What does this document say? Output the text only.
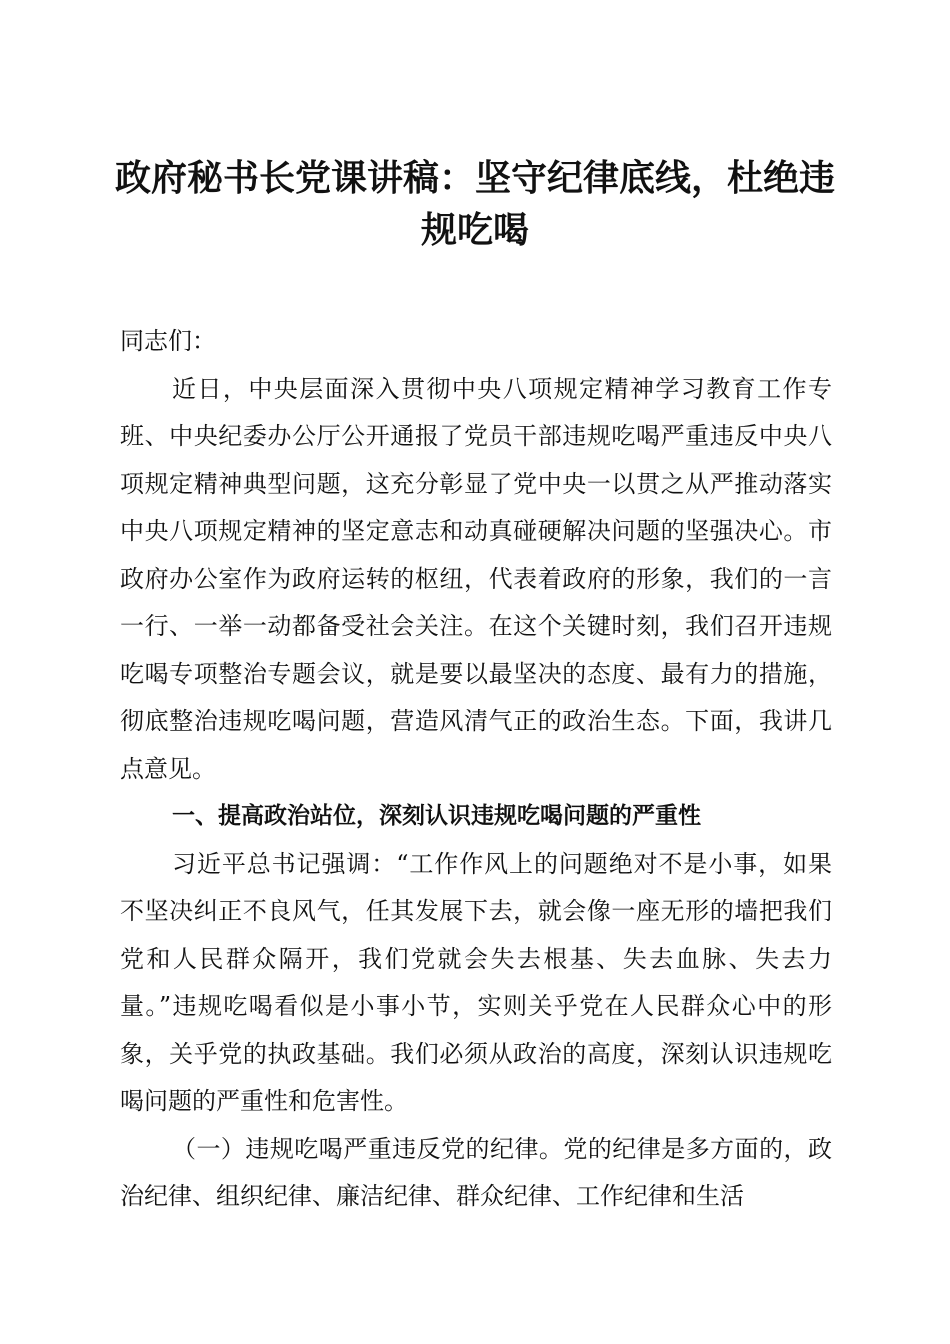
政府秘书长党课讲稿：坚守纪律底线，杜绝违规吃喝

同志们：

近日，中央层面深入贯彻中央八项规定精神学习教育工作专班、中央纪委办公厅公开通报了党员干部违规吃喝严重违反中央八项规定精神典型问题，这充分彰显了党中央一以贯之从严推动落实中央八项规定精神的坚定意志和动真碰硬解决问题的坚强决心。市政府办公室作为政府运转的枢纽，代表着政府的形象，我们的一言一行、一举一动都备受社会关注。在这个关键时刻，我们召开违规吃喝专项整治专题会议，就是要以最坚决的态度、最有力的措施，彻底整治违规吃喝问题，营造风清气正的政治生态。下面，我讲几点意见。

一、提高政治站位，深刻认识违规吃喝问题的严重性

习近平总书记强调：“工作作风上的问题绝对不是小事，如果不坚决纠正不良风气，任其发展下去，就会像一座无形的墙把我们党和人民群众隔开，我们党就会失去根基、失去血脉、失去力量。”违规吃喝看似是小事小节，实则关乎党在人民群众心中的形象，关乎党的执政基础。我们必须从政治的高度，深刻认识违规吃喝问题的严重性和危害性。

（一）违规吃喝严重违反党的纪律。党的纪律是多方面的，政治纪律、组织纪律、廉洁纪律、群众纪律、工作纪律和生活
